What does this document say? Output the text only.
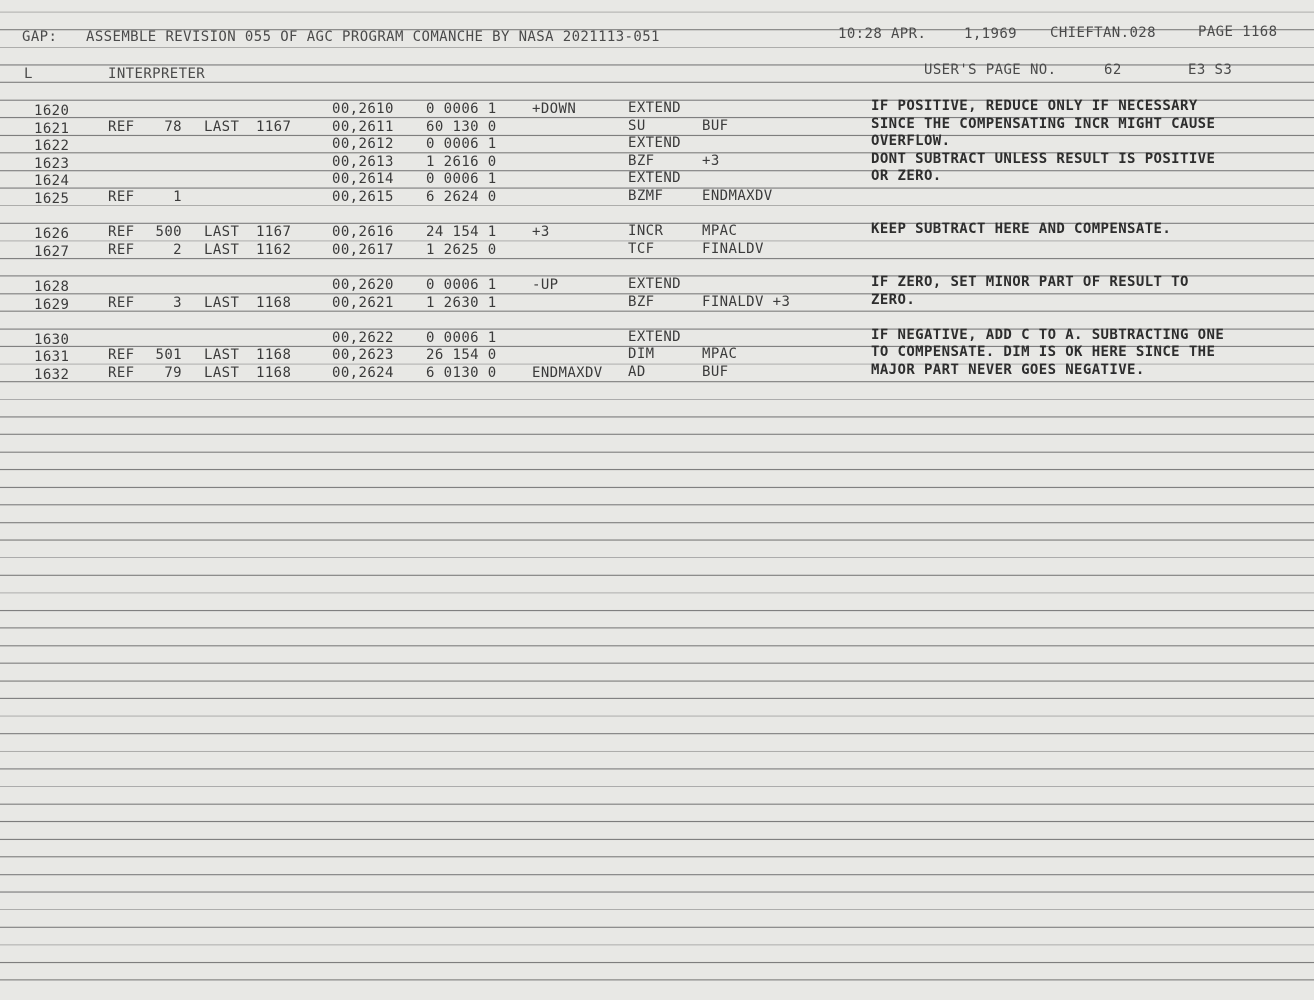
GAP: ASSEMBLE REVISION 055 OF AGC PROGRAM COMANCHE BY NASA 2021113-051	10:28 APR.	1,1969 CHIEFTAN.028	PAGE 1168
L	INTERPRETER	USER'S PAGE NO.	62	E3 S3
1620	00,2610 0 0006 1	+DOWN	EXTEND	IF POSITIVE, REDUCE ONLY IF NECESSARY
1621	REF	78 LAST 1167	00,2611 60 130 0	SU	BUF	SINCE THE COMPENSATING INCR MIGHT CAUSE
1622	00,2612 0 0006 1	EXTEND	OVERFLOW.
1623	00,2613 1 2616 0	BZF	+3	DONT SUBTRACT UNLESS RESULT IS POSITIVE
1624	00,2614 0 0006 1	EXTEND	OR ZERO.
1625	REF	1	00,2615 6 2624 0	BZMF	ENDMAXDV
1626	REF	500 LAST 1167	00,2616 24 154 1	+3	INCR	MPAC	KEEP SUBTRACT HERE AND COMPENSATE.
1627	REF	2 LAST 1162	00,2617 1 2625 0	TCF	FINALDV
1628	00,2620 0 0006 1	-UP	EXTEND	IF ZERO, SET MINOR PART OF RESULT TO
1629	REF	3 LAST 1168	00,2621 1 2630 1	BZF	FINALDV +3	ZERO.
1630	00,2622 0 0006 1	EXTEND	IF NEGATIVE, ADD C TO A. SUBTRACTING ONE
1631	REF	501 LAST 1168	00,2623 26 154 0	DIM	MPAC	TO COMPENSATE. DIM IS OK HERE SINCE THE
1632	REF	79 LAST 1168	00,2624 6 0130 0	ENDMAXDV AD	BUF	MAJOR PART NEVER GOES NEGATIVE.
